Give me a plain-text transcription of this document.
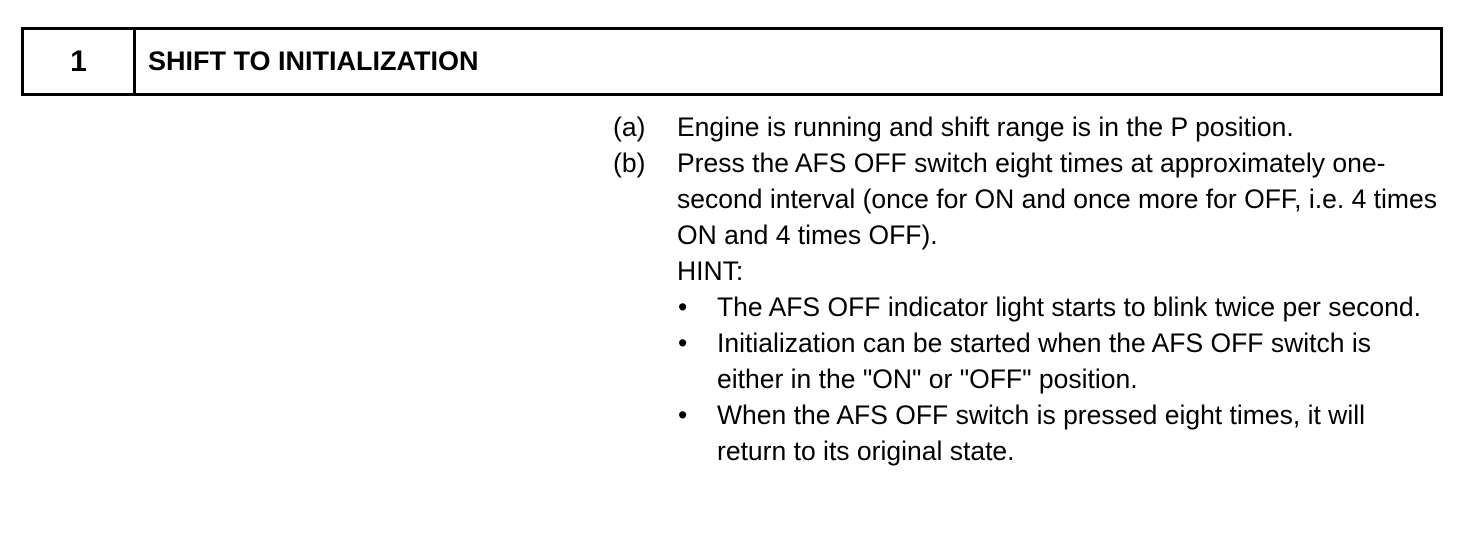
1	SHIFT TO INITIALIZATION
(a)	Engine is running and shift range is in the P position.
(b)	Press the AFS OFF switch eight times at approximately one-second interval (once for ON and once more for OFF, i.e. 4 times ON and 4 times OFF).
HINT:
•	The AFS OFF indicator light starts to blink twice per second.
•	Initialization can be started when the AFS OFF switch is either in the "ON" or "OFF" position.
•	When the AFS OFF switch is pressed eight times, it will return to its original state.
